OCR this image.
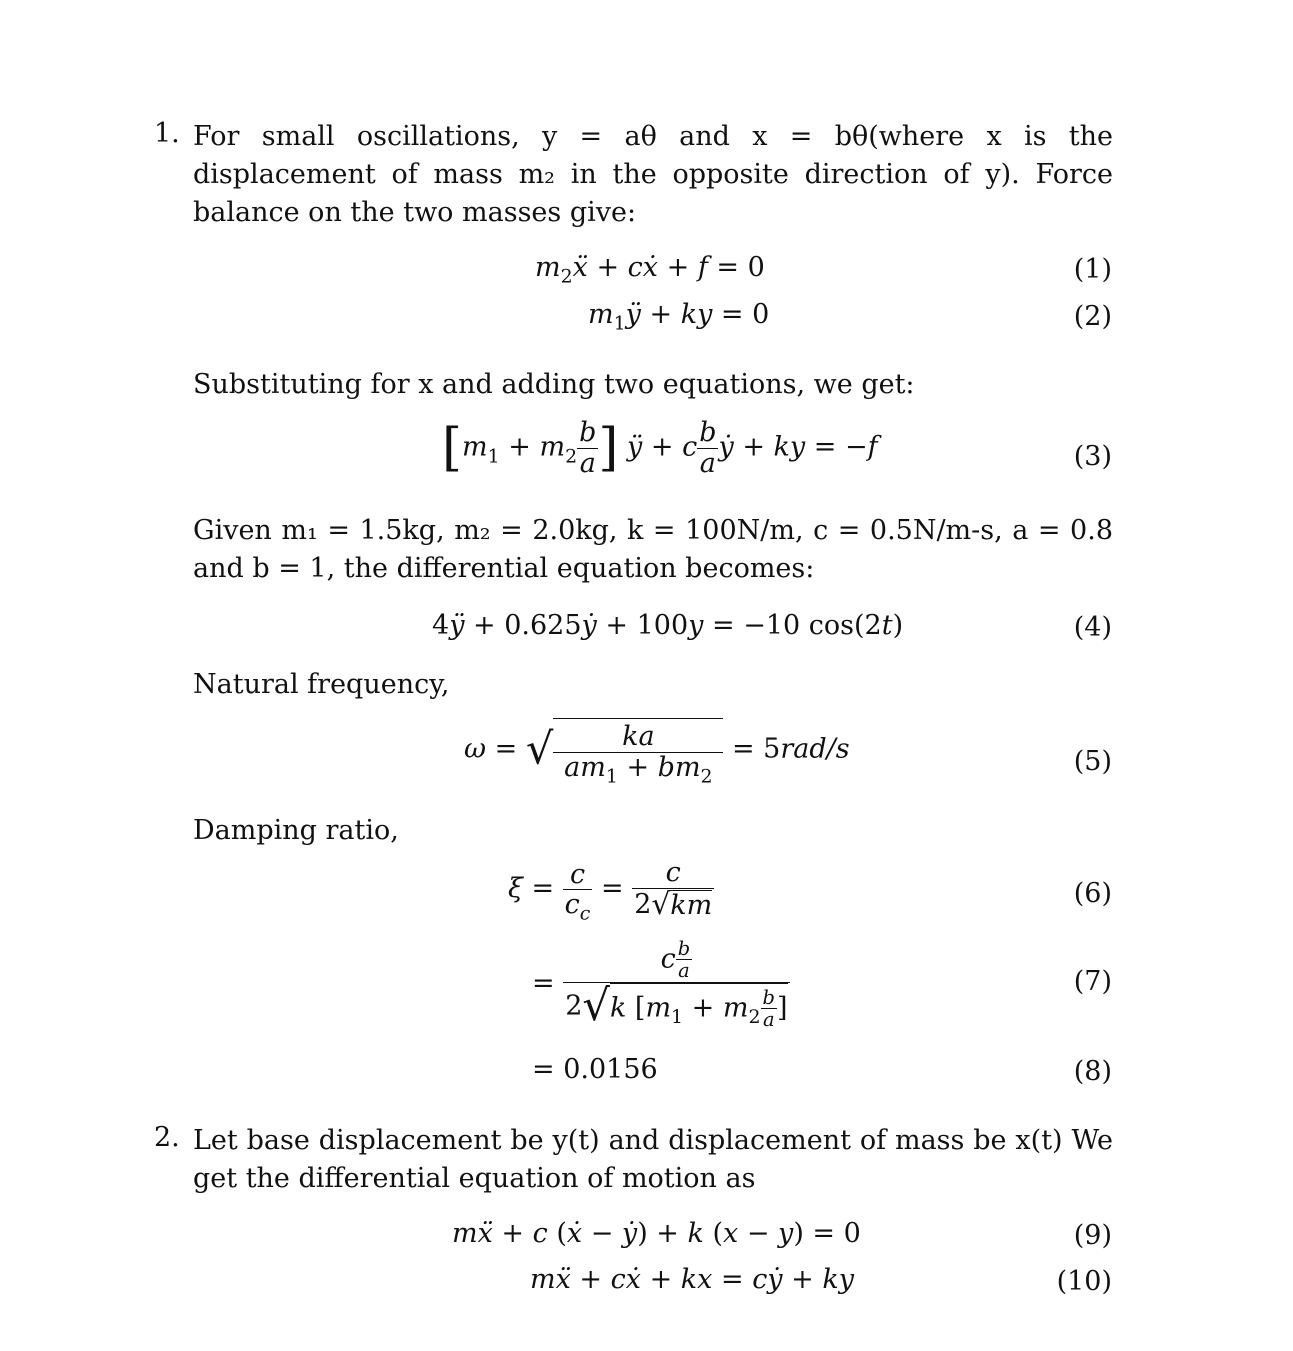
1. For small oscillations, y = aθ and x = bθ(where x is the displacement of mass m₂ in the opposite direction of y). Force balance on the two masses give:
$m_2ẍ$ + cẋ + f = 0	(1)
$m_1ÿ$ + ky = 0	(2)
Substituting for x and adding two equations, we get:
[$m_1 + m_2 \frac{b}{a}$ ] ÿ + c $\frac{b}{a}$ ẏ + ky = −f	(3)
Given m₁ = 1.5kg, m₂ = 2.0kg, k = 100N/m, c = 0.5N/m-s, a = 0.8 and b = 1, the differential equation becomes:
4ÿ + 0.625ẏ + 100y = −10 cos(2t)	(4)
Natural frequency,
ω = √ $\frac{ka}{am_1 + bm_2} = 5rad/s$	(5)
Damping ratio,
$\xi = \frac{c}{c_c} = \frac{c}{2√km}$	(6)
= $\frac{c \frac{b}{a}}{2√k [m_1 + m_2 \frac{b}{a} ]}$	(7)
= 0.0156	(8)
2. Let base displacement be y(t) and displacement of mass be x(t) We get the differential equation of motion as
mẍ + c (ẋ − ẏ) + k (x − y) = 0	(9)
mẍ + cẋ + kx = cẏ + ky	(10)
